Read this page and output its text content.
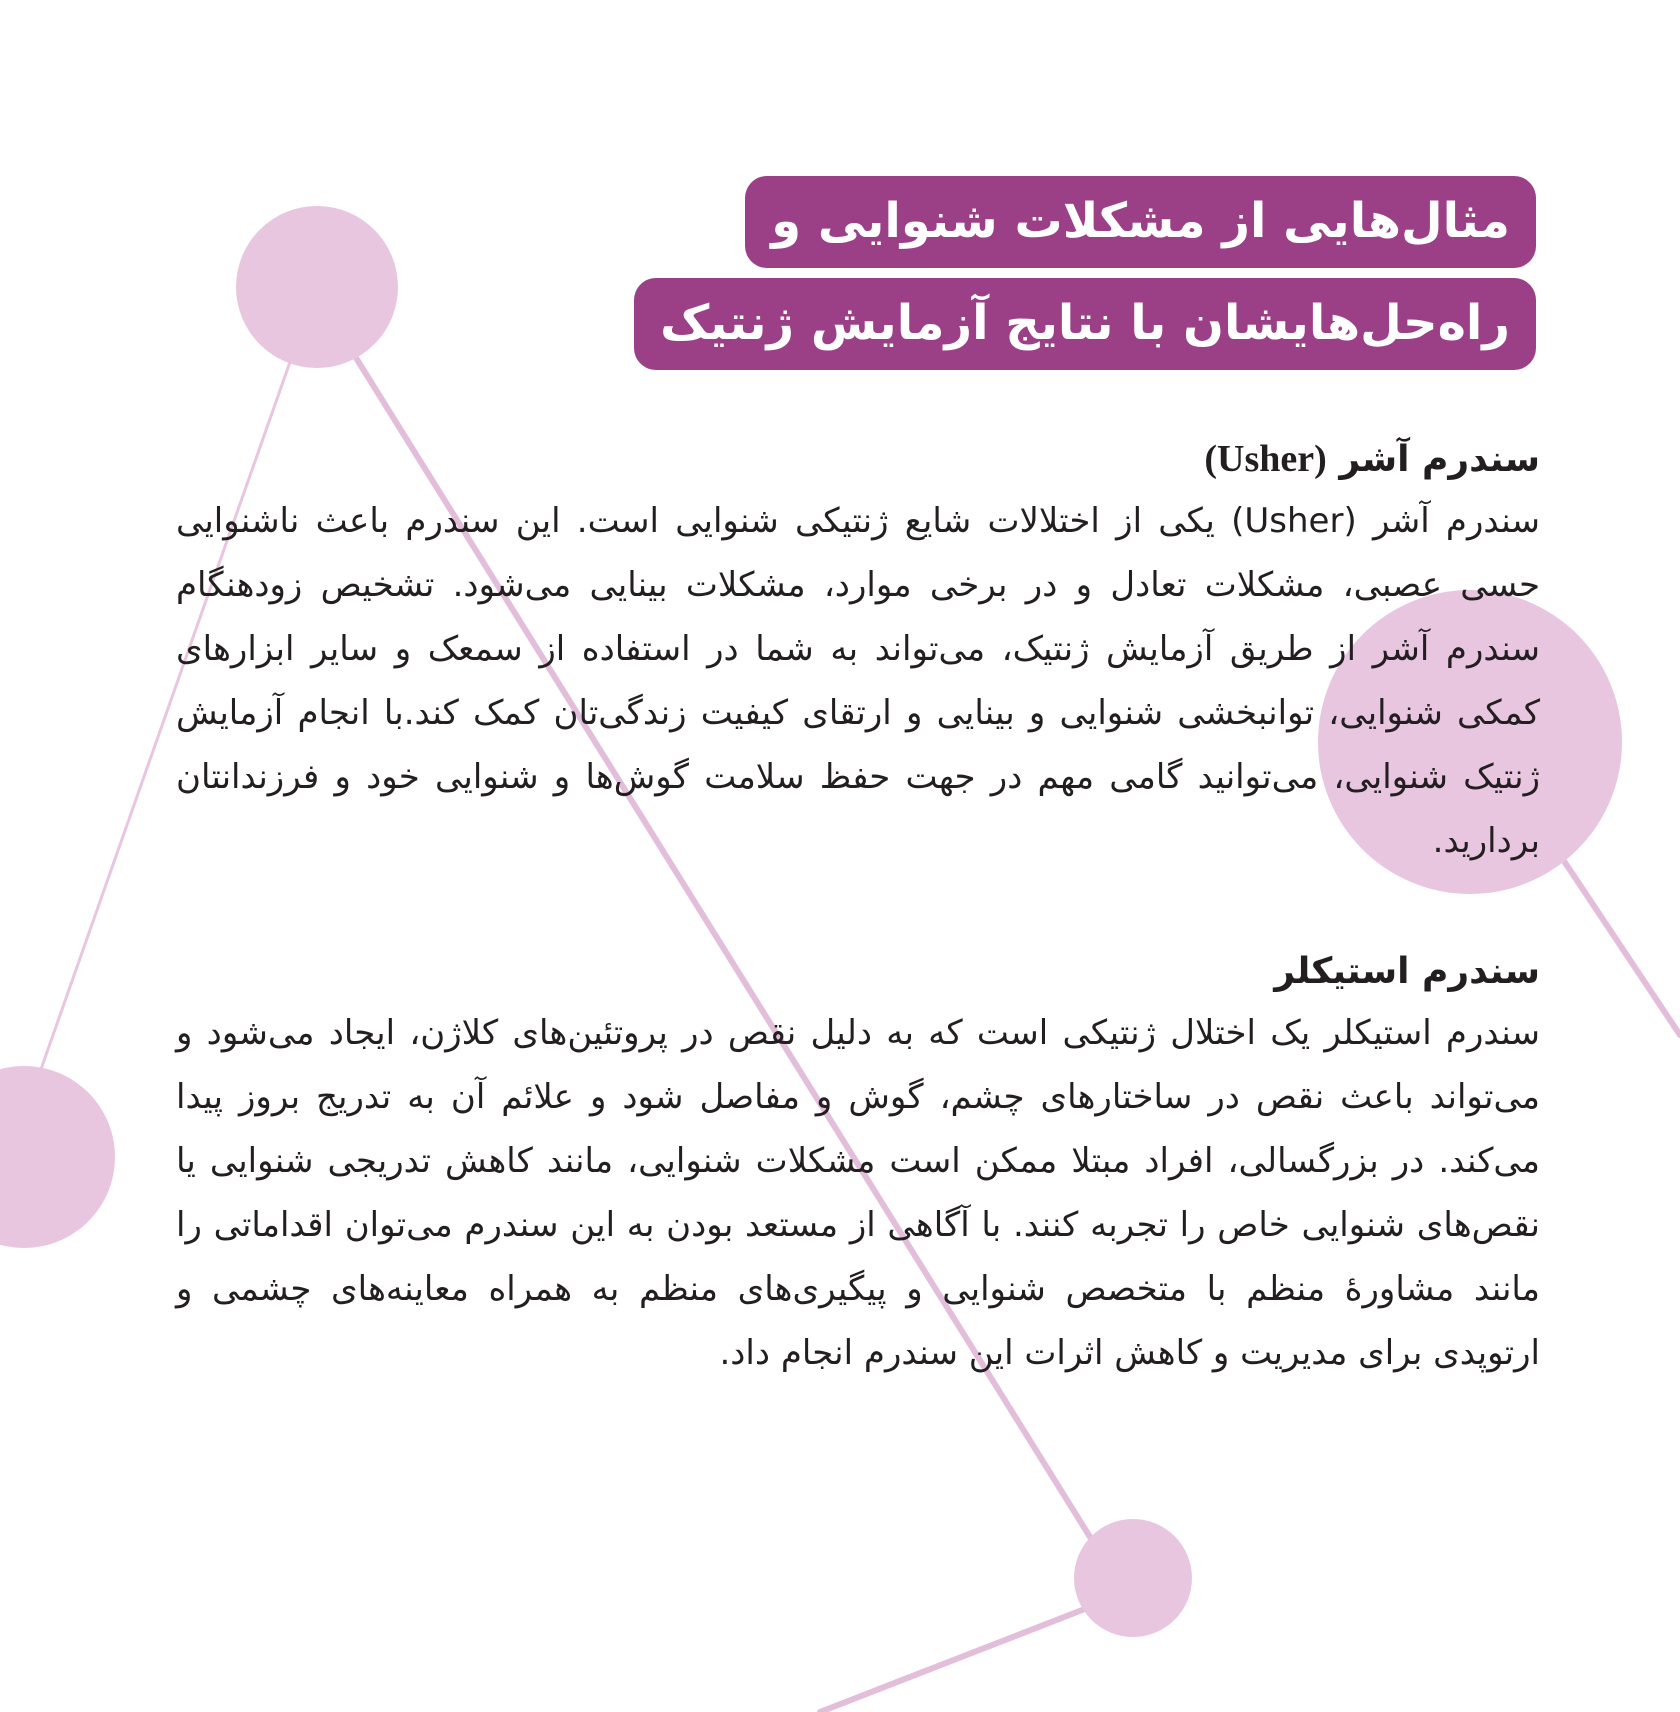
مثال‌هایی از مشکلات شنوایی و
راه‌حل‌هایشان با نتایج آزمایش ژنتیک
سندرم آشر (Usher)

سندرم آشر (Usher) یکی از اختلالات شایع ژنتیکی شنوایی است. این سندرم باعث ناشنوایی حسی عصبی، مشکلات تعادل و در برخی موارد، مشکلات بینایی می‌شود. تشخیص زودهنگام سندرم آشر از طریق آزمایش ژنتیک، می‌تواند به شما در استفاده از سمعک و سایر ابزارهای کمکی شنوایی، توانبخشی شنوایی و بینایی و ارتقای کیفیت زندگی‌تان کمک کند.با انجام آزمایش ژنتیک شنوایی، می‌توانید گامی مهم در جهت حفظ سلامت گوش‌ها و شنوایی خود و فرزندانتان بردارید.

سندرم استیکلر

سندرم استیکلر یک اختلال ژنتیکی است که به دلیل نقص در پروتئین‌های کلاژن، ایجاد می‌شود و می‌تواند باعث نقص در ساختارهای چشم، گوش و مفاصل شود و علائم آن به تدریج بروز پیدا می‌کند. در بزرگسالی، افراد مبتلا ممکن است مشکلات شنوایی، مانند کاهش تدریجی شنوایی یا نقص‌های شنوایی خاص را تجربه کنند. با آگاهی از مستعد بودن به این سندرم می‌توان اقداماتی را مانند مشاورهٔ منظم با متخصص شنوایی و پیگیری‌های منظم به همراه معاینه‌های چشمی و ارتوپدی برای مدیریت و کاهش اثرات این سندرم انجام داد.
